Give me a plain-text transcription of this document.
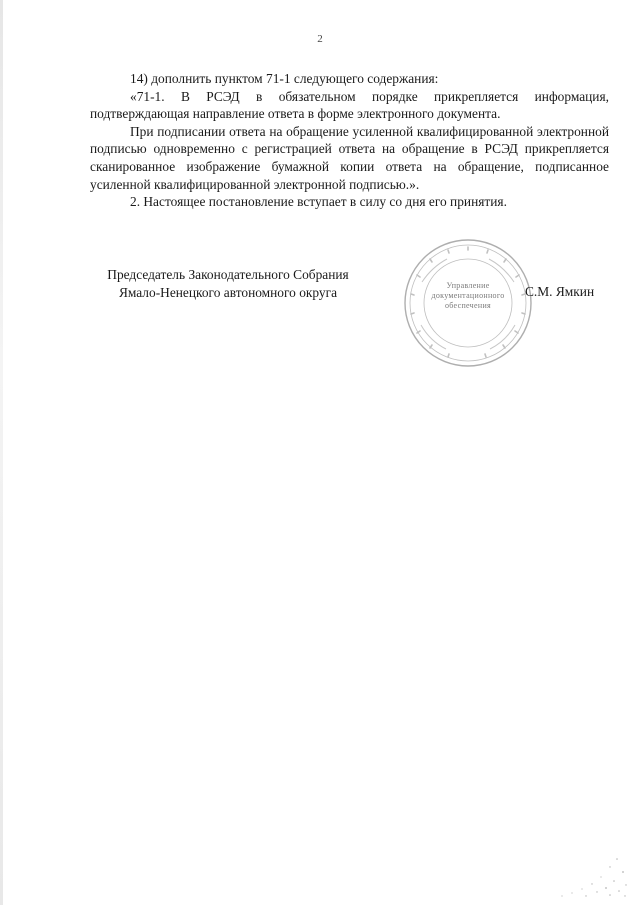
2

14) дополнить пунктом 71-1 следующего содержания:

«71-1. В РСЭД в обязательном порядке прикрепляется информация, подтверждающая направление ответа в форме электронного документа.

При подписании ответа на обращение усиленной квалифицированной электронной подписью одновременно с регистрацией ответа на обращение в РСЭД прикрепляется сканированное изображение бумажной копии ответа на обращение, подписанное усиленной квалифицированной электронной подписью.».

2. Настоящее постановление вступает в силу со дня его принятия.

Председатель Законодательного Собрания
Ямало-Ненецкого автономного округа	Управление
документационного
обеспечения
С.М. Ямкин
